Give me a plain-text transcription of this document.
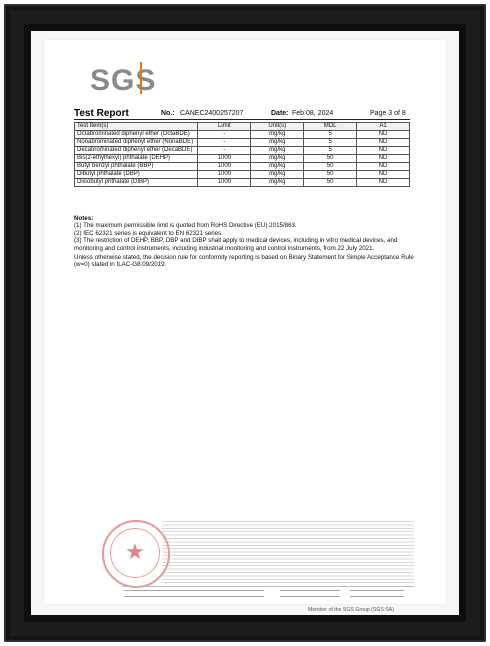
SGS
Test Report	No.: CANEC2400257207	Date: Feb 08, 2024	Page 3 of 8
Test Item(s)	Limit	Unit(s)	MDL	A1
Octabrominated diphenyl ether (OctaBDE)	-	mg/kg	5	ND
Nonabrominated diphenyl ether (NonaBDE)	-	mg/kg	5	ND
Decabrominated diphenyl ether (DecaBDE)	-	mg/kg	5	ND
Bis(2-ethylhexyl) phthalate (DEHP)	1000	mg/kg	50	ND
Butyl benzyl phthalate (BBP)	1000	mg/kg	50	ND
Dibutyl phthalate (DBP)	1000	mg/kg	50	ND
Diisobutyl phthalate (DIBP)	1000	mg/kg	50	ND

Notes:

(1) The maximum permissible limit is quoted from RoHS Directive (EU) 2015/863.

(2) IEC 62321 series is equivalent to EN 62321 series.

(3) The restriction of DEHP, BBP, DBP and DIBP shall apply to medical devices, including in vitro medical devices, and monitoring and control instruments, including industrial monitoring and control instruments, from 22 July 2021.

Unless otherwise stated, the decision rule for conformity reporting is based on Binary Statement for Simple Acceptance Rule (w=0) stated in ILAC-G8:09/2019.

★
Member of the SGS Group (SGS SA)
